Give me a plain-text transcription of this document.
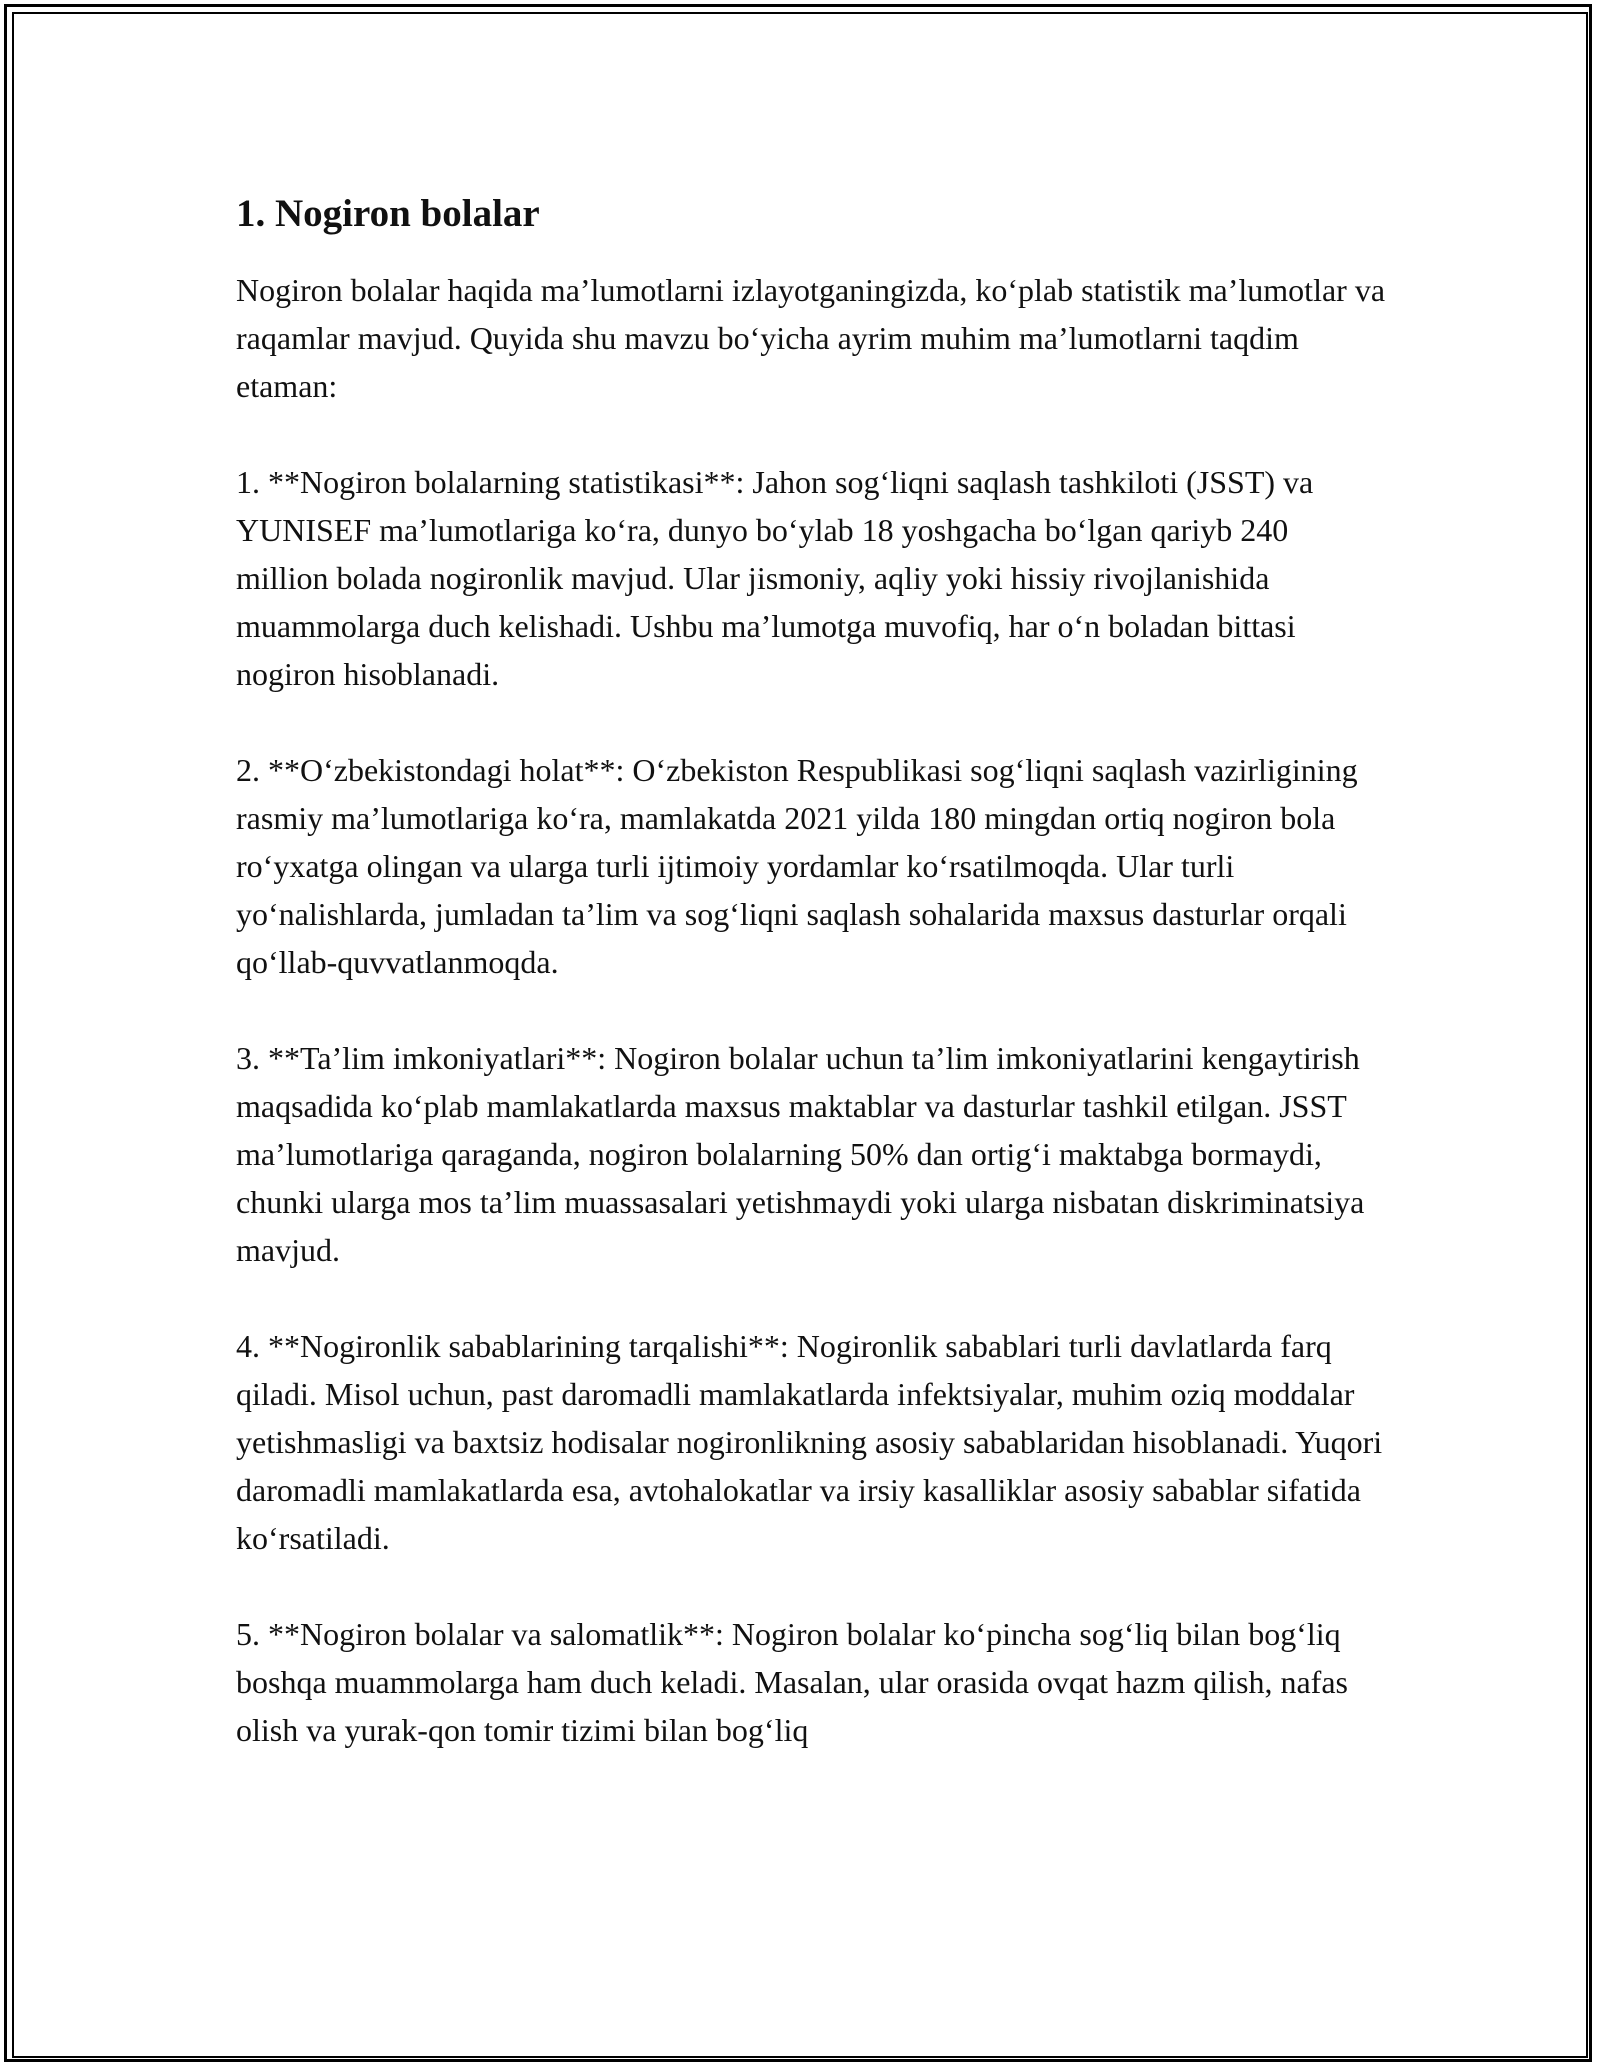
1. Nogiron bolalar

Nogiron bolalar haqida ma’lumotlarni izlayotganingizda, ko‘plab statistik ma’lumotlar va raqamlar mavjud. Quyida shu mavzu bo‘yicha ayrim muhim ma’lumotlarni taqdim etaman:

1. **Nogiron bolalarning statistikasi**: Jahon sog‘liqni saqlash tashkiloti (JSST) va YUNISEF ma’lumotlariga ko‘ra, dunyo bo‘ylab 18 yoshgacha bo‘lgan qariyb 240 million bolada nogironlik mavjud. Ular jismoniy, aqliy yoki hissiy rivojlanishida muammolarga duch kelishadi. Ushbu ma’lumotga muvofiq, har o‘n boladan bittasi nogiron hisoblanadi.

2. **O‘zbekistondagi holat**: O‘zbekiston Respublikasi sog‘liqni saqlash vazirligining rasmiy ma’lumotlariga ko‘ra, mamlakatda 2021 yilda 180 mingdan ortiq nogiron bola ro‘yxatga olingan va ularga turli ijtimoiy yordamlar ko‘rsatilmoqda. Ular turli yo‘nalishlarda, jumladan ta’lim va sog‘liqni saqlash sohalarida maxsus dasturlar orqali qo‘llab-quvvatlanmoqda.

3. **Ta’lim imkoniyatlari**: Nogiron bolalar uchun ta’lim imkoniyatlarini kengaytirish maqsadida ko‘plab mamlakatlarda maxsus maktablar va dasturlar tashkil etilgan. JSST ma’lumotlariga qaraganda, nogiron bolalarning 50% dan ortig‘i maktabga bormaydi, chunki ularga mos ta’lim muassasalari yetishmaydi yoki ularga nisbatan diskriminatsiya mavjud.

4. **Nogironlik sabablarining tarqalishi**: Nogironlik sabablari turli davlatlarda farq qiladi. Misol uchun, past daromadli mamlakatlarda infektsiyalar, muhim oziq moddalar yetishmasligi va baxtsiz hodisalar nogironlikning asosiy sabablaridan hisoblanadi. Yuqori daromadli mamlakatlarda esa, avtohalokatlar va irsiy kasalliklar asosiy sabablar sifatida ko‘rsatiladi.

5. **Nogiron bolalar va salomatlik**: Nogiron bolalar ko‘pincha sog‘liq bilan bog‘liq boshqa muammolarga ham duch keladi. Masalan, ular orasida ovqat hazm qilish, nafas olish va yurak-qon tomir tizimi bilan bog‘liq
